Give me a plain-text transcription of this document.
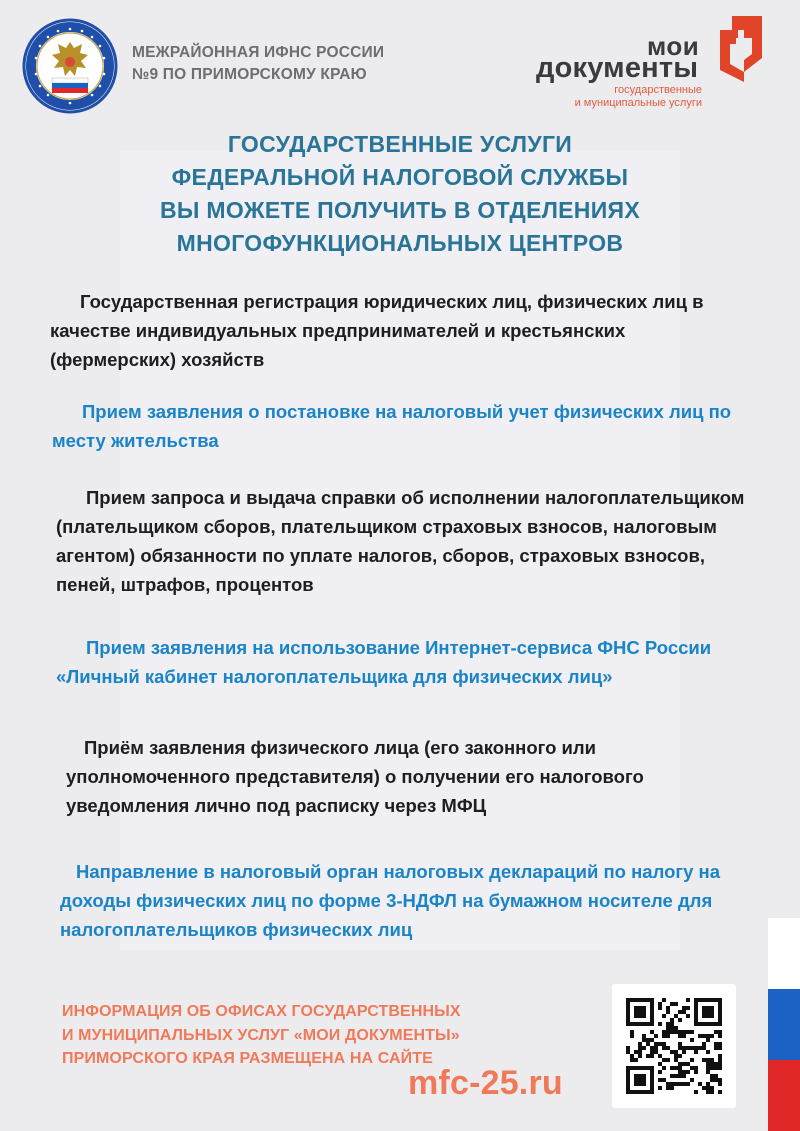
МЕЖРАЙОННАЯ ИФНС РОССИИ
№9 ПО ПРИМОРСКОМУ КРАЮ
мои
документы
государственные
и муниципальные услуги
ГОСУДАРСТВЕННЫЕ УСЛУГИ
ФЕДЕРАЛЬНОЙ НАЛОГОВОЙ СЛУЖБЫ
ВЫ МОЖЕТЕ ПОЛУЧИТЬ В ОТДЕЛЕНИЯХ
МНОГОФУНКЦИОНАЛЬНЫХ ЦЕНТРОВ
Государственная регистрация юридических лиц, физических лиц в
качестве индивидуальных предпринимателей и крестьянских
(фермерских) хозяйств
Прием заявления о постановке на налоговый учет физических лиц по
месту жительства
Прием запроса и выдача справки об исполнении налогоплательщиком
(плательщиком сборов, плательщиком страховых взносов, налоговым
агентом) обязанности по уплате налогов, сборов, страховых взносов,
пеней, штрафов, процентов
Прием заявления на использование Интернет-сервиса ФНС России
«Личный кабинет налогоплательщика для физических лиц»
Приём заявления физического лица (его законного или
уполномоченного представителя) о получении его налогового
уведомления лично под расписку через МФЦ
Направление в налоговый орган налоговых деклараций по налогу на
доходы физических лиц по форме 3-НДФЛ на бумажном носителе для
налогоплательщиков физических лиц
ИНФОРМАЦИЯ ОБ ОФИСАХ ГОСУДАРСТВЕННЫХ
И МУНИЦИПАЛЬНЫХ УСЛУГ «МОИ ДОКУМЕНТЫ»
ПРИМОРСКОГО КРАЯ РАЗМЕЩЕНА НА САЙТЕ
mfc-25.ru
